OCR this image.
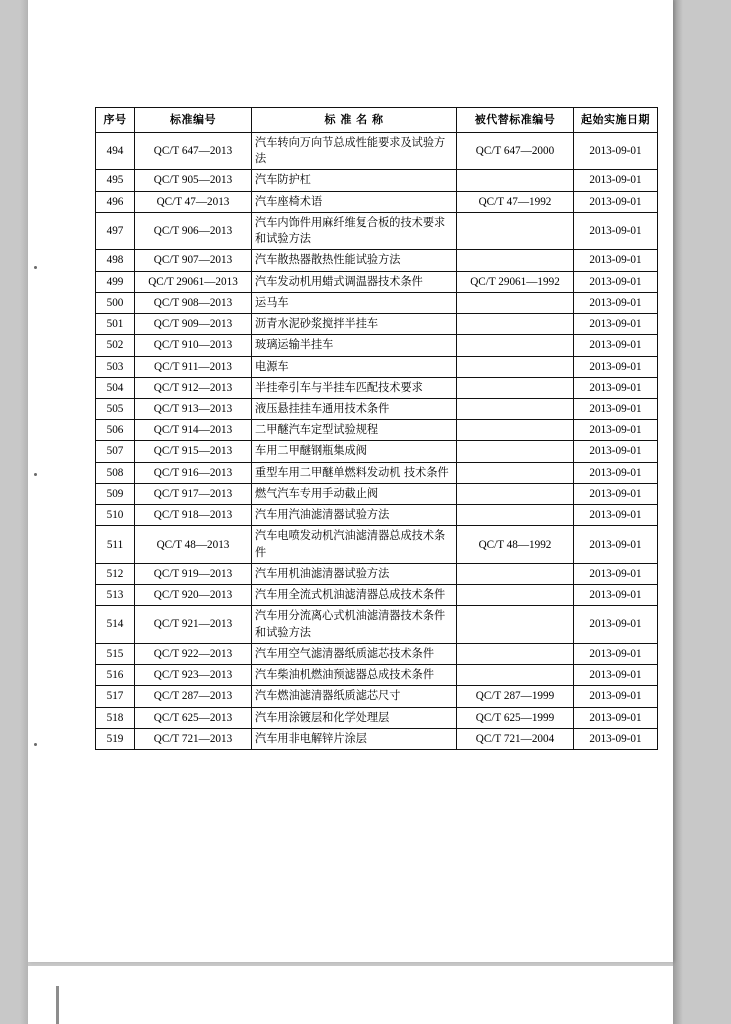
序号	标准编号	标 准 名 称	被代替标准编号	起始实施日期
494	QC/T 647—2013	汽车转向万向节总成性能要求及试验方法	QC/T 647—2000	2013-09-01
495	QC/T 905—2013	汽车防护杠		2013-09-01
496	QC/T 47—2013	汽车座椅术语	QC/T 47—1992	2013-09-01
497	QC/T 906—2013	汽车内饰件用麻纤维复合板的技术要求和试验方法		2013-09-01
498	QC/T 907—2013	汽车散热器散热性能试验方法		2013-09-01
499	QC/T 29061—2013	汽车发动机用蜡式调温器技术条件	QC/T 29061—1992	2013-09-01
500	QC/T 908—2013	运马车		2013-09-01
501	QC/T 909—2013	沥青水泥砂浆搅拌半挂车		2013-09-01
502	QC/T 910—2013	玻璃运输半挂车		2013-09-01
503	QC/T 911—2013	电源车		2013-09-01
504	QC/T 912—2013	半挂牵引车与半挂车匹配技术要求		2013-09-01
505	QC/T 913—2013	液压悬挂挂车通用技术条件		2013-09-01
506	QC/T 914—2013	二甲醚汽车定型试验规程		2013-09-01
507	QC/T 915—2013	车用二甲醚钢瓶集成阀		2013-09-01
508	QC/T 916—2013	重型车用二甲醚单燃料发动机 技术条件		2013-09-01
509	QC/T 917—2013	燃气汽车专用手动截止阀		2013-09-01
510	QC/T 918—2013	汽车用汽油滤清器试验方法		2013-09-01
511	QC/T 48—2013	汽车电喷发动机汽油滤清器总成技术条件	QC/T 48—1992	2013-09-01
512	QC/T 919—2013	汽车用机油滤清器试验方法		2013-09-01
513	QC/T 920—2013	汽车用全流式机油滤清器总成技术条件		2013-09-01
514	QC/T 921—2013	汽车用分流离心式机油滤清器技术条件和试验方法		2013-09-01
515	QC/T 922—2013	汽车用空气滤清器纸质滤芯技术条件		2013-09-01
516	QC/T 923—2013	汽车柴油机燃油预滤器总成技术条件		2013-09-01
517	QC/T 287—2013	汽车燃油滤清器纸质滤芯尺寸	QC/T 287—1999	2013-09-01
518	QC/T 625—2013	汽车用涂镀层和化学处理层	QC/T 625—1999	2013-09-01
519	QC/T 721—2013	汽车用非电解锌片涂层	QC/T 721—2004	2013-09-01
